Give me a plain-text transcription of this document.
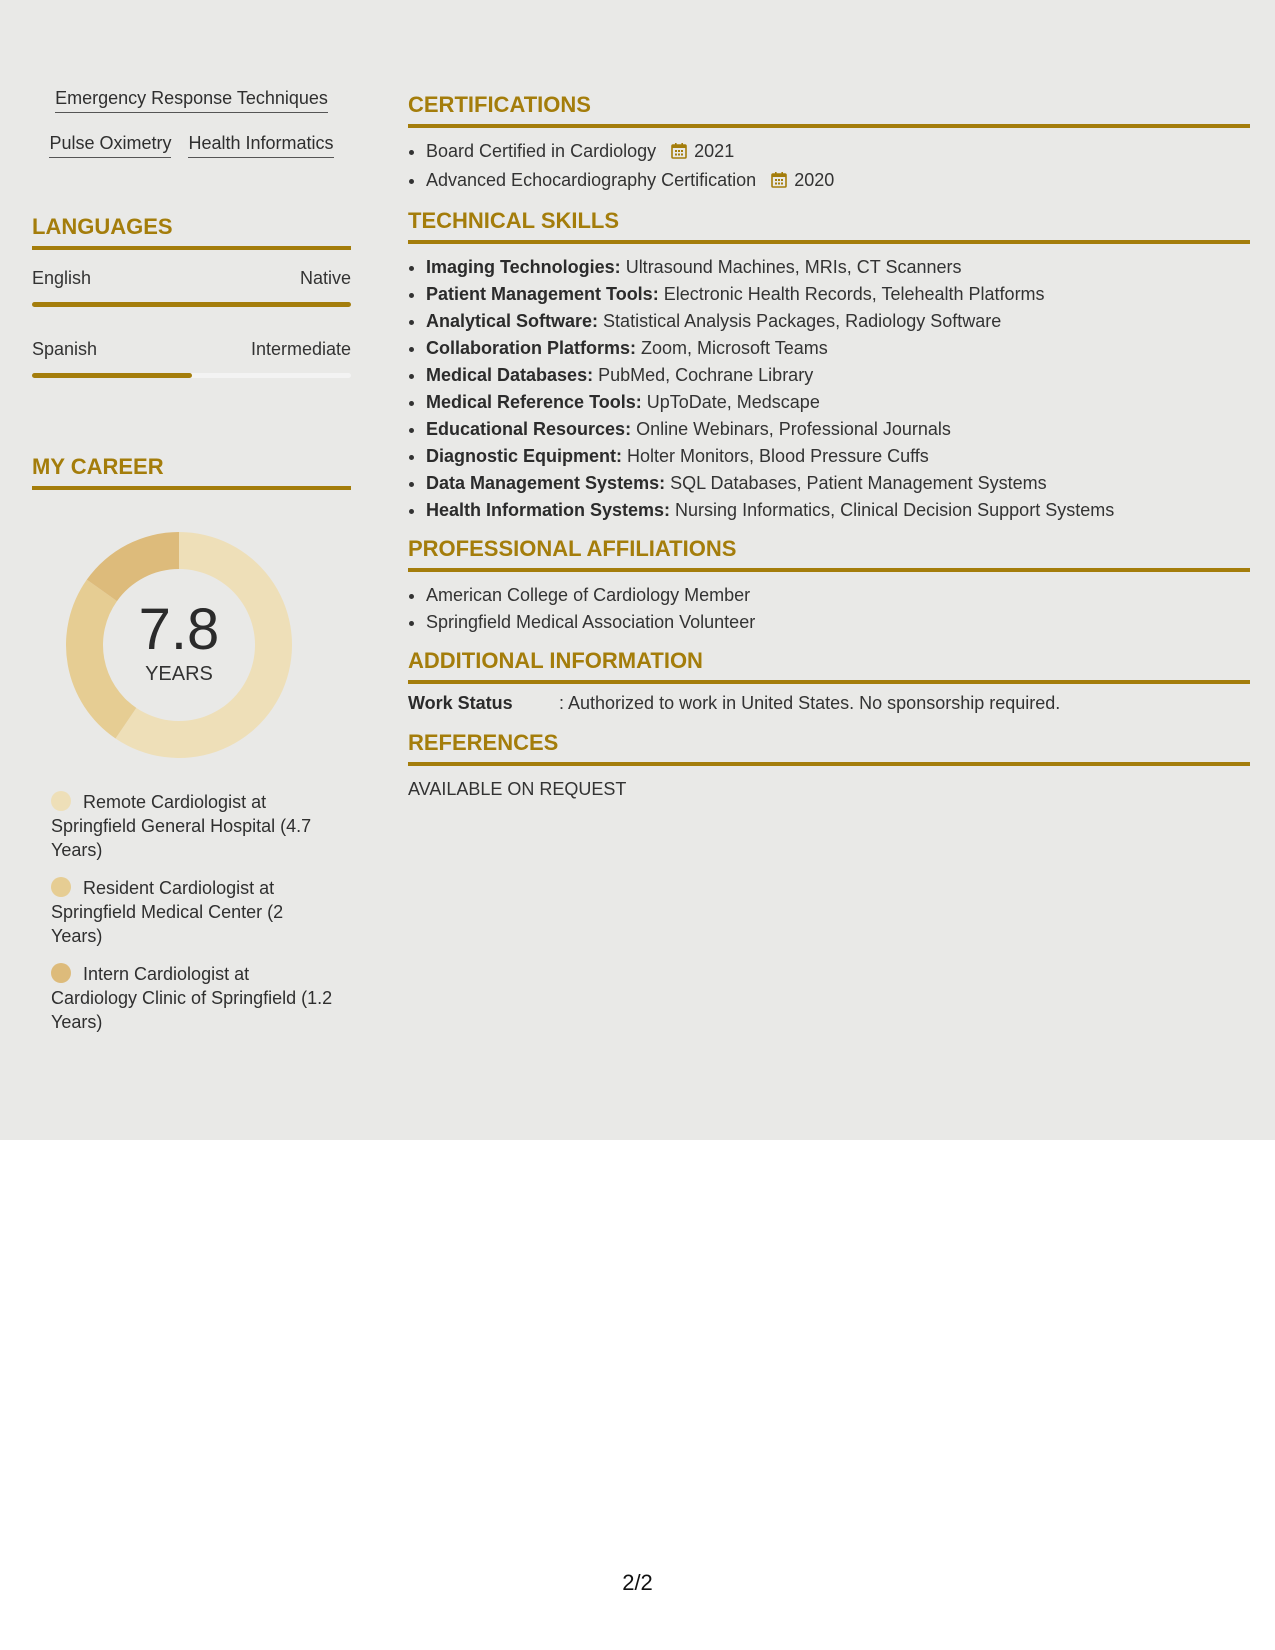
Emergency Response Techniques
Pulse Oximetry Health Informatics
LANGUAGES
English	Native
Spanish	Intermediate
MY CAREER
7.8
YEARS
Remote Cardiologist at Springfield General Hospital (4.7 Years)
Resident Cardiologist at Springfield Medical Center (2 Years)
Intern Cardiologist at Cardiology Clinic of Springfield (1.2 Years)
CERTIFICATIONS
• Board Certified in Cardiology 2021
• Advanced Echocardiography Certification 2020
TECHNICAL SKILLS
• Imaging Technologies: Ultrasound Machines, MRIs, CT Scanners
• Patient Management Tools: Electronic Health Records, Telehealth Platforms
• Analytical Software: Statistical Analysis Packages, Radiology Software
• Collaboration Platforms: Zoom, Microsoft Teams
• Medical Databases: PubMed, Cochrane Library
• Medical Reference Tools: UpToDate, Medscape
• Educational Resources: Online Webinars, Professional Journals
• Diagnostic Equipment: Holter Monitors, Blood Pressure Cuffs
• Data Management Systems: SQL Databases, Patient Management Systems
• Health Information Systems: Nursing Informatics, Clinical Decision Support Systems
PROFESSIONAL AFFILIATIONS
• American College of Cardiology Member
• Springfield Medical Association Volunteer
ADDITIONAL INFORMATION
Work Status	: Authorized to work in United States. No sponsorship required.
REFERENCES
AVAILABLE ON REQUEST
2/2
